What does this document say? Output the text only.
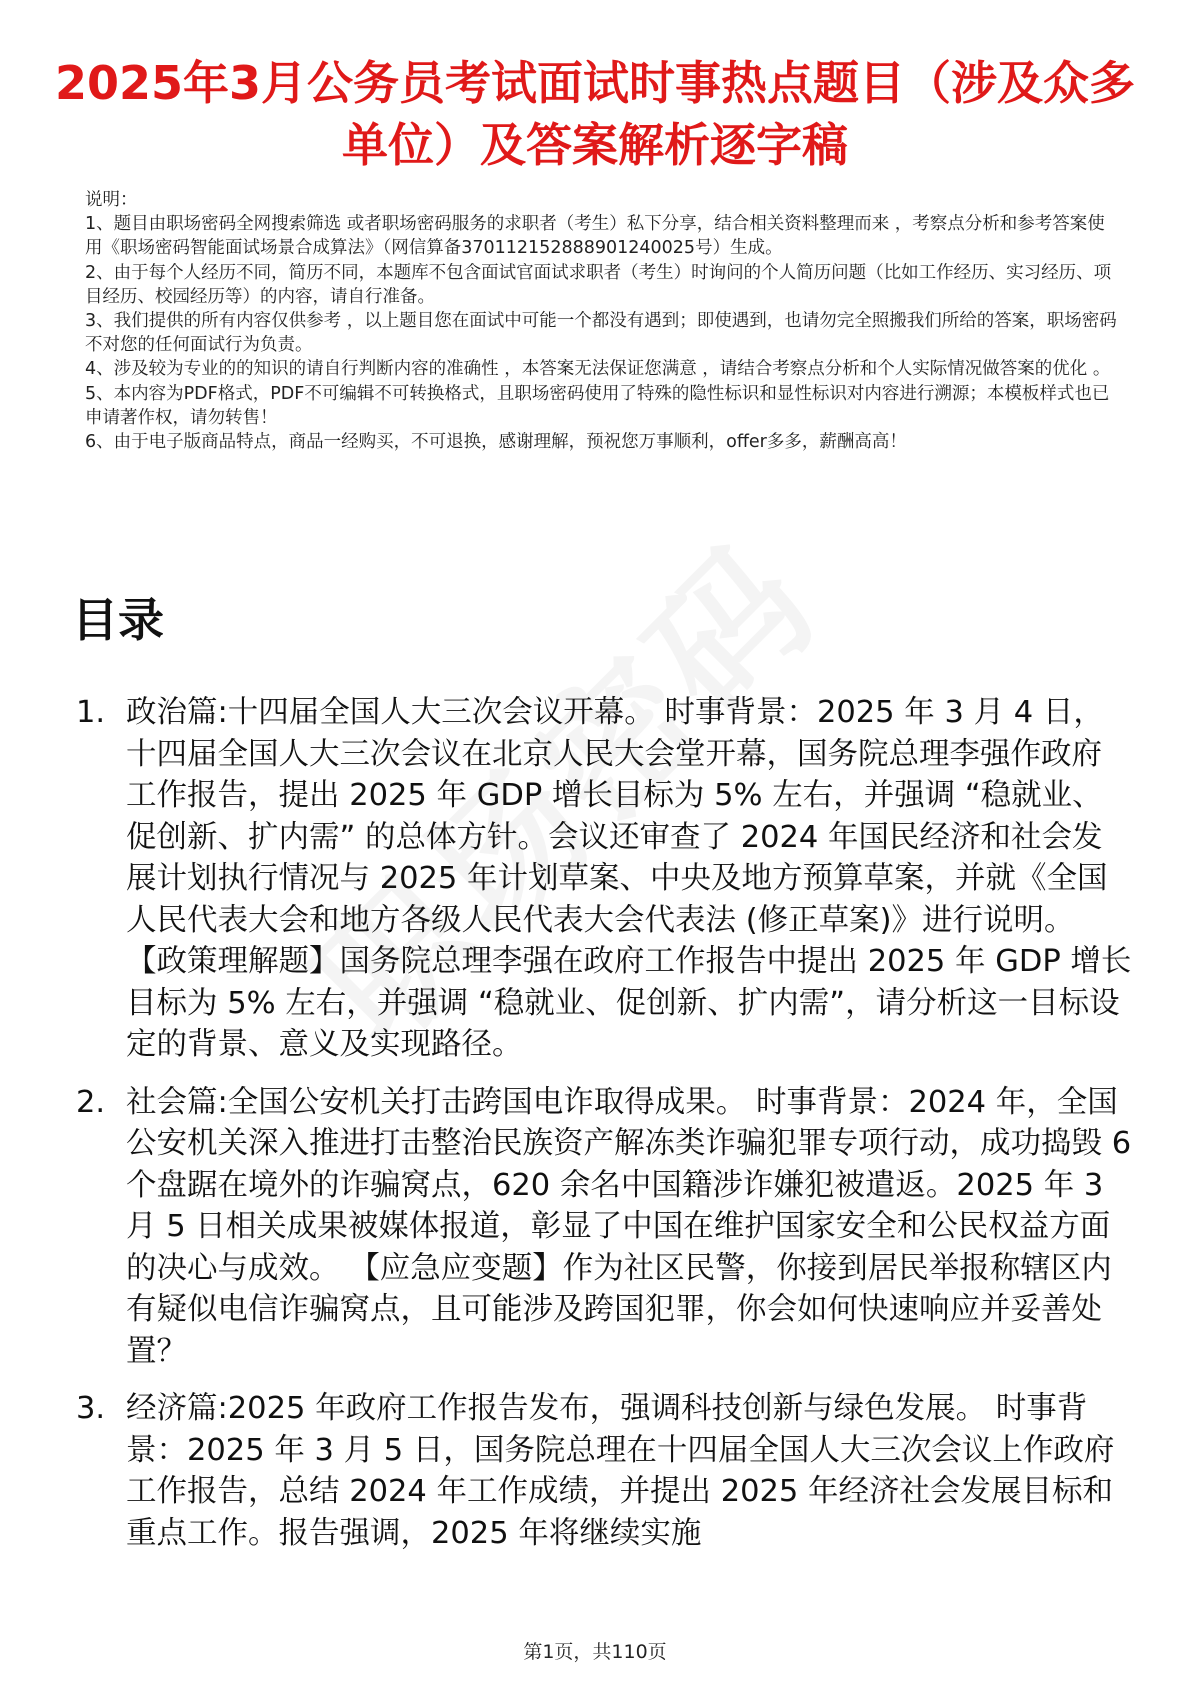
2025年3月公务员考试面试时事热点题目（涉及众多单位）及答案解析逐字稿

说明：

1、题目由职场密码全网搜索筛选 或者职场密码服务的求职者（考生）私下分享，结合相关资料整理而来 ，考察点分析和参考答案使用《职场密码智能面试场景合成算法》（网信算备370112152888901240025号）生成。

2、由于每个人经历不同，简历不同，本题库不包含面试官面试求职者（考生）时询问的个人简历问题（比如工作经历、实习经历、项目经历、校园经历等）的内容，请自行准备。

3、我们提供的所有内容仅供参考 ，以上题目您在面试中可能一个都没有遇到；即使遇到，也请勿完全照搬我们所给的答案，职场密码不对您的任何面试行为负责。

4、涉及较为专业的的知识的请自行判断内容的准确性 ，本答案无法保证您满意 ，请结合考察点分析和个人实际情况做答案的优化 。

5、本内容为PDF格式，PDF不可编辑不可转换格式，且职场密码使用了特殊的隐性标识和显性标识对内容进行溯源；本模板样式也已申请著作权，请勿转售！

6、由于电子版商品特点，商品一经购买，不可退换，感谢理解，预祝您万事顺利，offer多多，薪酬高高！

目录
1. 政治篇:十四届全国人大三次会议开幕。 时事背景：2025 年 3 月 4 日，十四届全国人大三次会议在北京人民大会堂开幕，国务院总理李强作政府工作报告，提出 2025 年 GDP 增长目标为 5% 左右，并强调 “稳就业、促创新、扩内需” 的总体方针。会议还审查了 2024 年国民经济和社会发展计划执行情况与 2025 年计划草案、中央及地方预算草案，并就《全国人民代表大会和地方各级人民代表大会代表法 (修正草案)》进行说明。 【政策理解题】国务院总理李强在政府工作报告中提出 2025 年 GDP 增长目标为 5% 左右，并强调 “稳就业、促创新、扩内需”，请分析这一目标设定的背景、意义及实现路径。
2. 社会篇:全国公安机关打击跨国电诈取得成果。 时事背景：2024 年，全国公安机关深入推进打击整治民族资产解冻类诈骗犯罪专项行动，成功捣毁 6 个盘踞在境外的诈骗窝点，620 余名中国籍涉诈嫌犯被遣返。2025 年 3 月 5 日相关成果被媒体报道，彰显了中国在维护国家安全和公民权益方面的决心与成效。 【应急应变题】作为社区民警，你接到居民举报称辖区内有疑似电信诈骗窝点，且可能涉及跨国犯罪，你会如何快速响应并妥善处置？
3. 经济篇:2025 年政府工作报告发布，强调科技创新与绿色发展。 时事背景：2025 年 3 月 5 日，国务院总理在十四届全国人大三次会议上作政府工作报告，总结 2024 年工作成绩，并提出 2025 年经济社会发展目标和重点工作。报告强调，2025 年将继续实施
第1页，共110页
